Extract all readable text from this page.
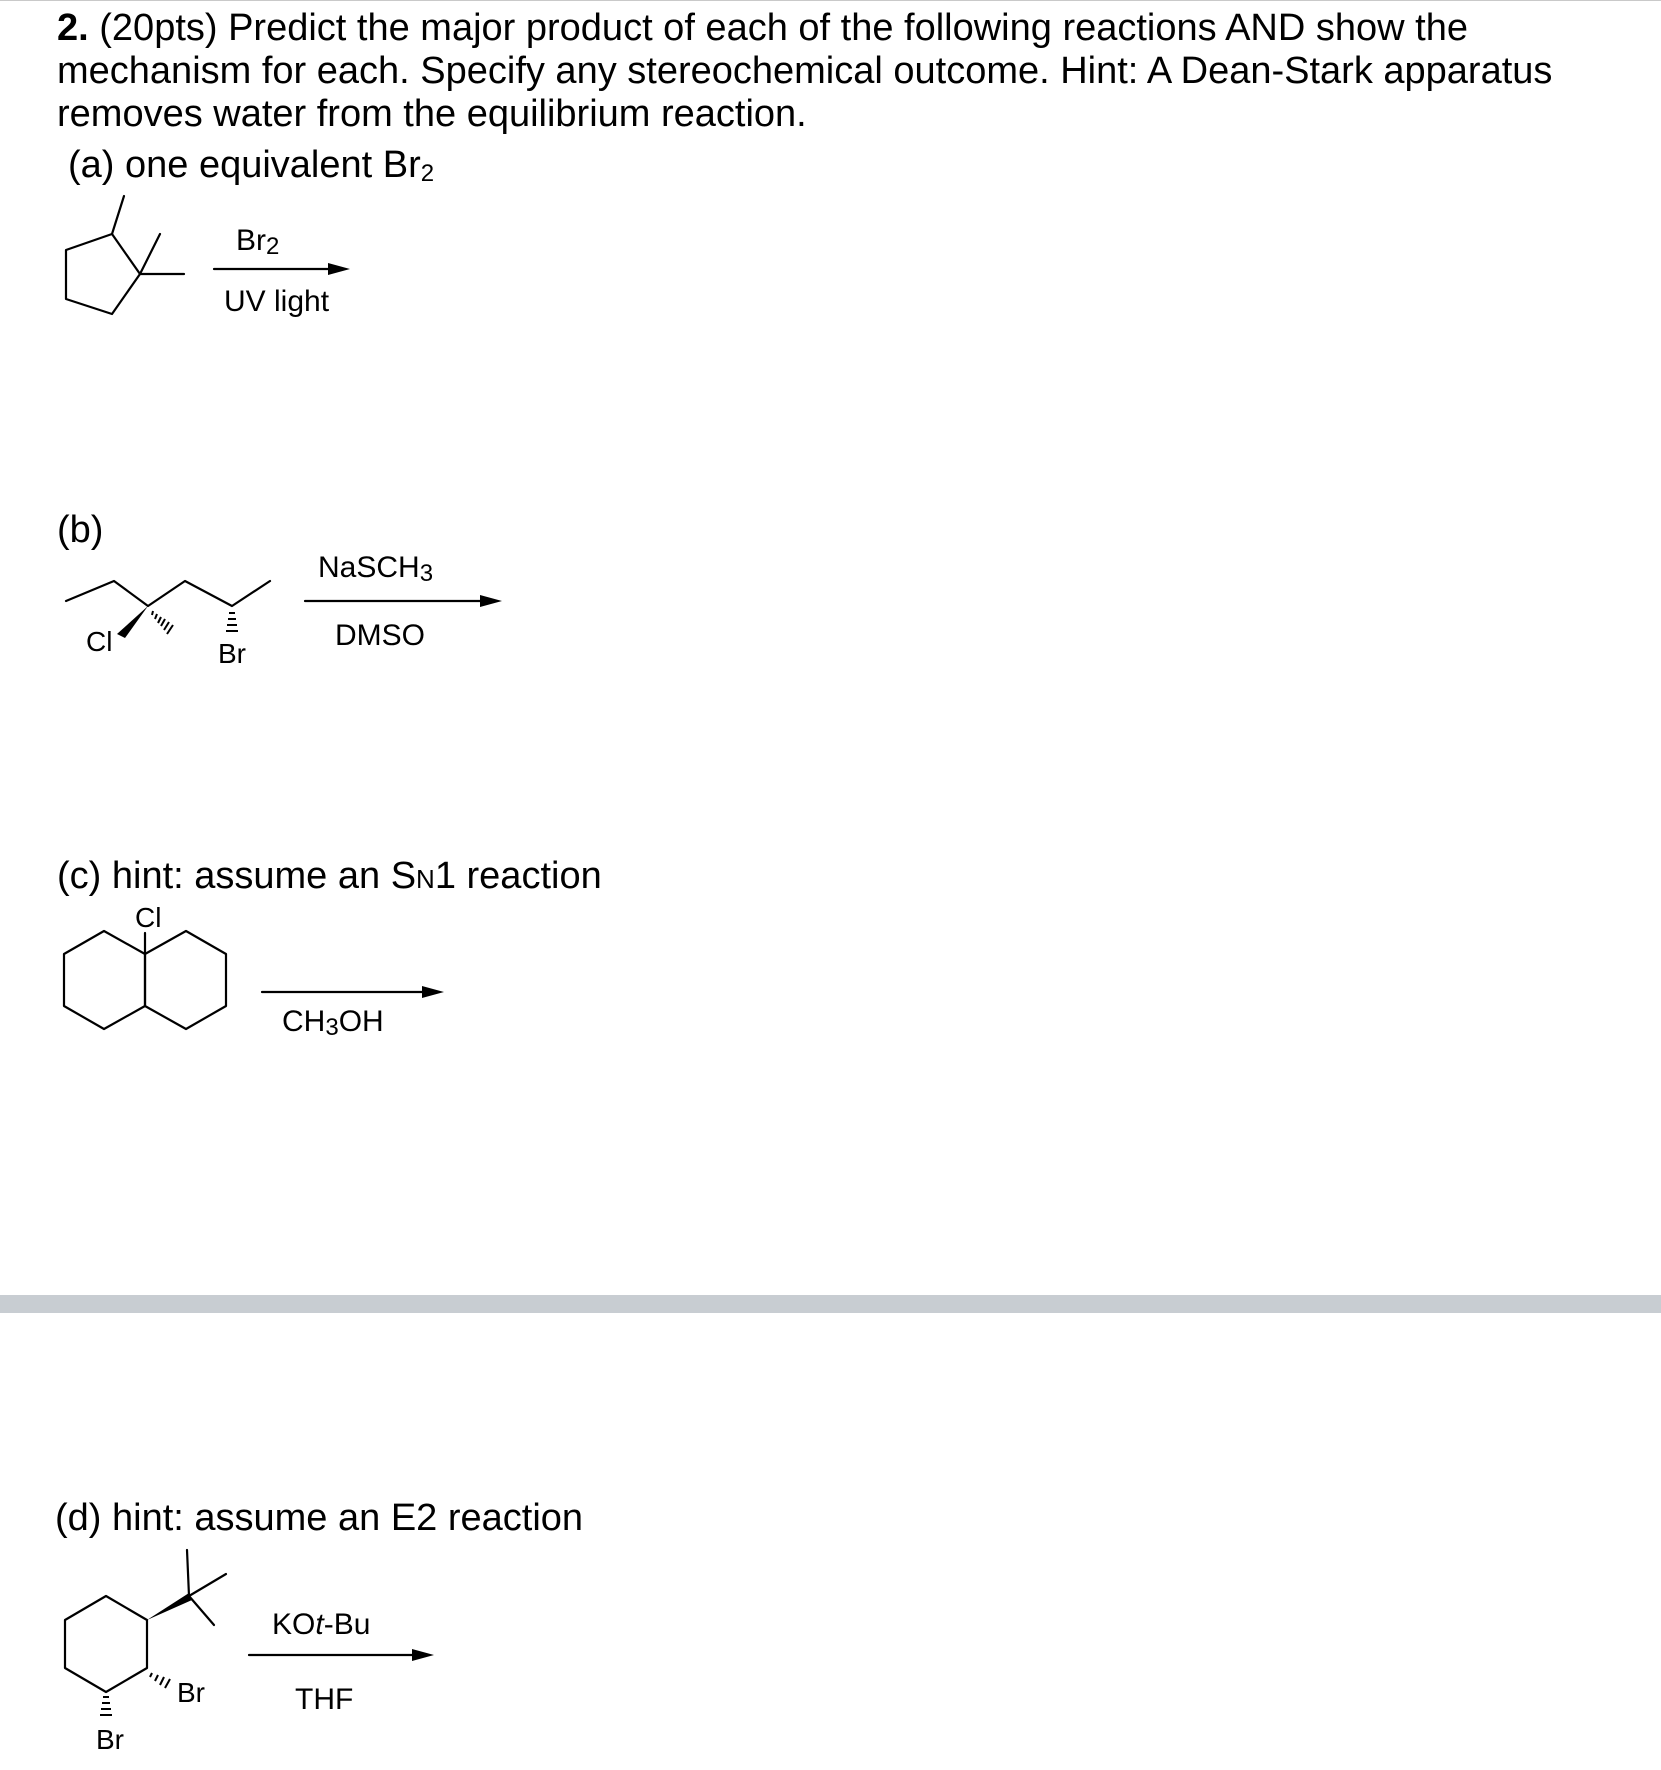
2. (20pts) Predict the major product of each of the following reactions AND show the mechanism for each. Specify any stereochemical outcome. Hint: A Dean-Stark apparatus removes water from the equilibrium reaction.
(a) one equivalent Br2
Br2
UV light
(b)
Cl	Br
NaSCH3
DMSO
(c) hint: assume an SN1 reaction
Cl
CH3OH
(d) hint: assume an E2 reaction
Br
Br
KOt-Bu
THF
